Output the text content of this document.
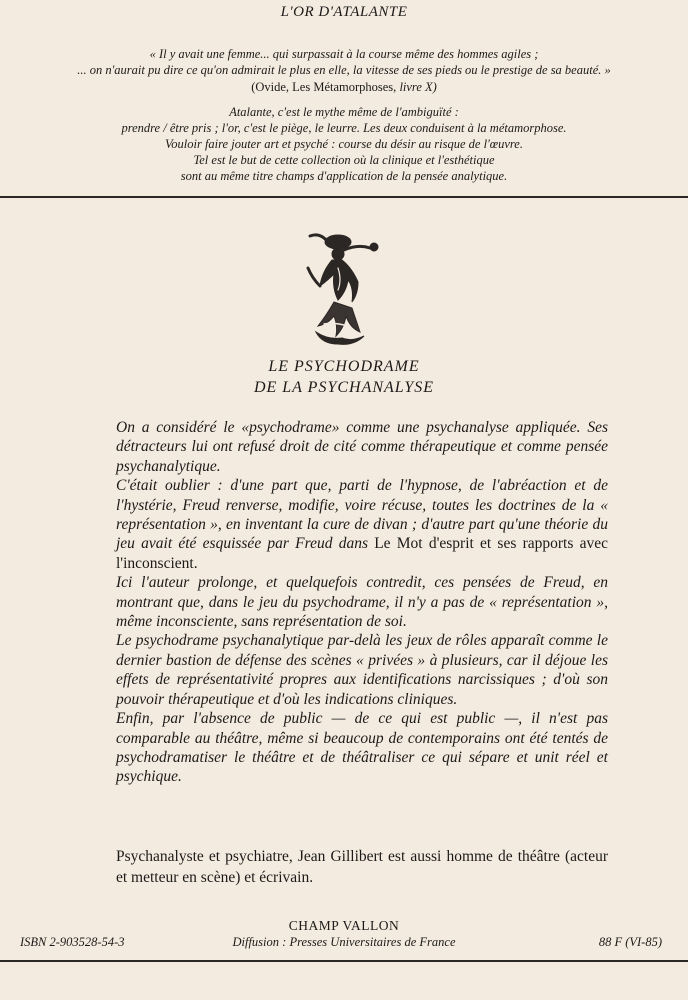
L'OR D'ATALANTE
« Il y avait une femme... qui surpassait à la course même des hommes agiles ;
... on n'aurait pu dire ce qu'on admirait le plus en elle, la vitesse de ses pieds ou le prestige de sa beauté. »
(Ovide, Les Métamorphoses, livre X)
Atalante, c'est le mythe même de l'ambiguïté :
prendre / être pris ; l'or, c'est le piège, le leurre. Les deux conduisent à la métamorphose.
Vouloir faire jouter art et psyché : course du désir au risque de l'œuvre.
Tel est le but de cette collection où la clinique et l'esthétique
sont au même titre champs d'application de la pensée analytique.
LE PSYCHODRAME
DE LA PSYCHANALYSE

On a considéré le «psychodrame» comme une psychanalyse appliquée. Ses détracteurs lui ont refusé droit de cité comme thérapeutique et comme pensée psychanalytique.

C'était oublier : d'une part que, parti de l'hypnose, de l'abréaction et de l'hystérie, Freud renverse, modifie, voire récuse, toutes les doctrines de la « représentation », en inventant la cure de divan ; d'autre part qu'une théorie du jeu avait été esquissée par Freud dans Le Mot d'esprit et ses rapports avec l'inconscient.

Ici l'auteur prolonge, et quelquefois contredit, ces pensées de Freud, en montrant que, dans le jeu du psychodrame, il n'y a pas de « représentation », même inconsciente, sans représentation de soi.

Le psychodrame psychanalytique par-delà les jeux de rôles apparaît comme le dernier bastion de défense des scènes « privées » à plusieurs, car il déjoue les effets de représentativité propres aux identifications narcissiques ; d'où son pouvoir thérapeutique et d'où les indications cliniques.

Enfin, par l'absence de public — de ce qui est public —, il n'est pas comparable au théâtre, même si beaucoup de contemporains ont été tentés de psychodramatiser le théâtre et de théâtraliser ce qui sépare et unit réel et psychique.

Psychanalyste et psychiatre, Jean Gillibert est aussi homme de théâtre (acteur et metteur en scène) et écrivain.
CHAMP VALLON
Diffusion : Presses Universitaires de France
ISBN 2-903528-54-3	88 F (VI-85)
